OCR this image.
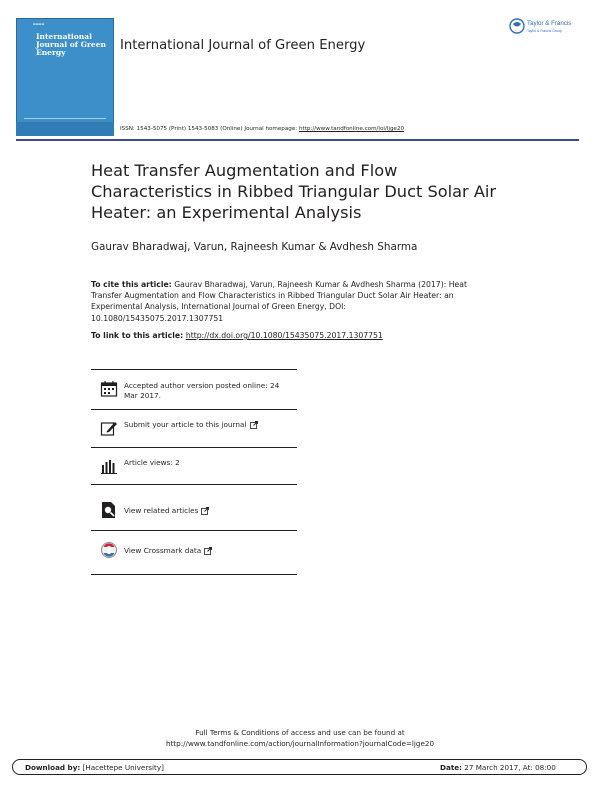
▬▬▬▬
International Journal of Green Energy
Taylor & Francis
Taylor & Francis Group
International Journal of Green Energy
ISSN: 1543-5075 (Print) 1543-5083 (Online) Journal homepage: http://www.tandfonline.com/loi/ljge20
Heat Transfer Augmentation and Flow Characteristics in Ribbed Triangular Duct Solar Air Heater: an Experimental Analysis
Gaurav Bharadwaj, Varun, Rajneesh Kumar & Avdhesh Sharma
To cite this article: Gaurav Bharadwaj, Varun, Rajneesh Kumar & Avdhesh Sharma (2017): Heat Transfer Augmentation and Flow Characteristics in Ribbed Triangular Duct Solar Air Heater: an Experimental Analysis, International Journal of Green Energy, DOI: 10.1080/15435075.2017.1307751
To link to this article: http://dx.doi.org/10.1080/15435075.2017.1307751
Accepted author version posted online: 24 Mar 2017.
Submit your article to this journal
Article views: 2
View related articles
View Crossmark data
Full Terms & Conditions of access and use can be found at
http://www.tandfonline.com/action/journalInformation?journalCode=ljge20
Download by: [Hacettepe University]	Date: 27 March 2017, At: 08:00
